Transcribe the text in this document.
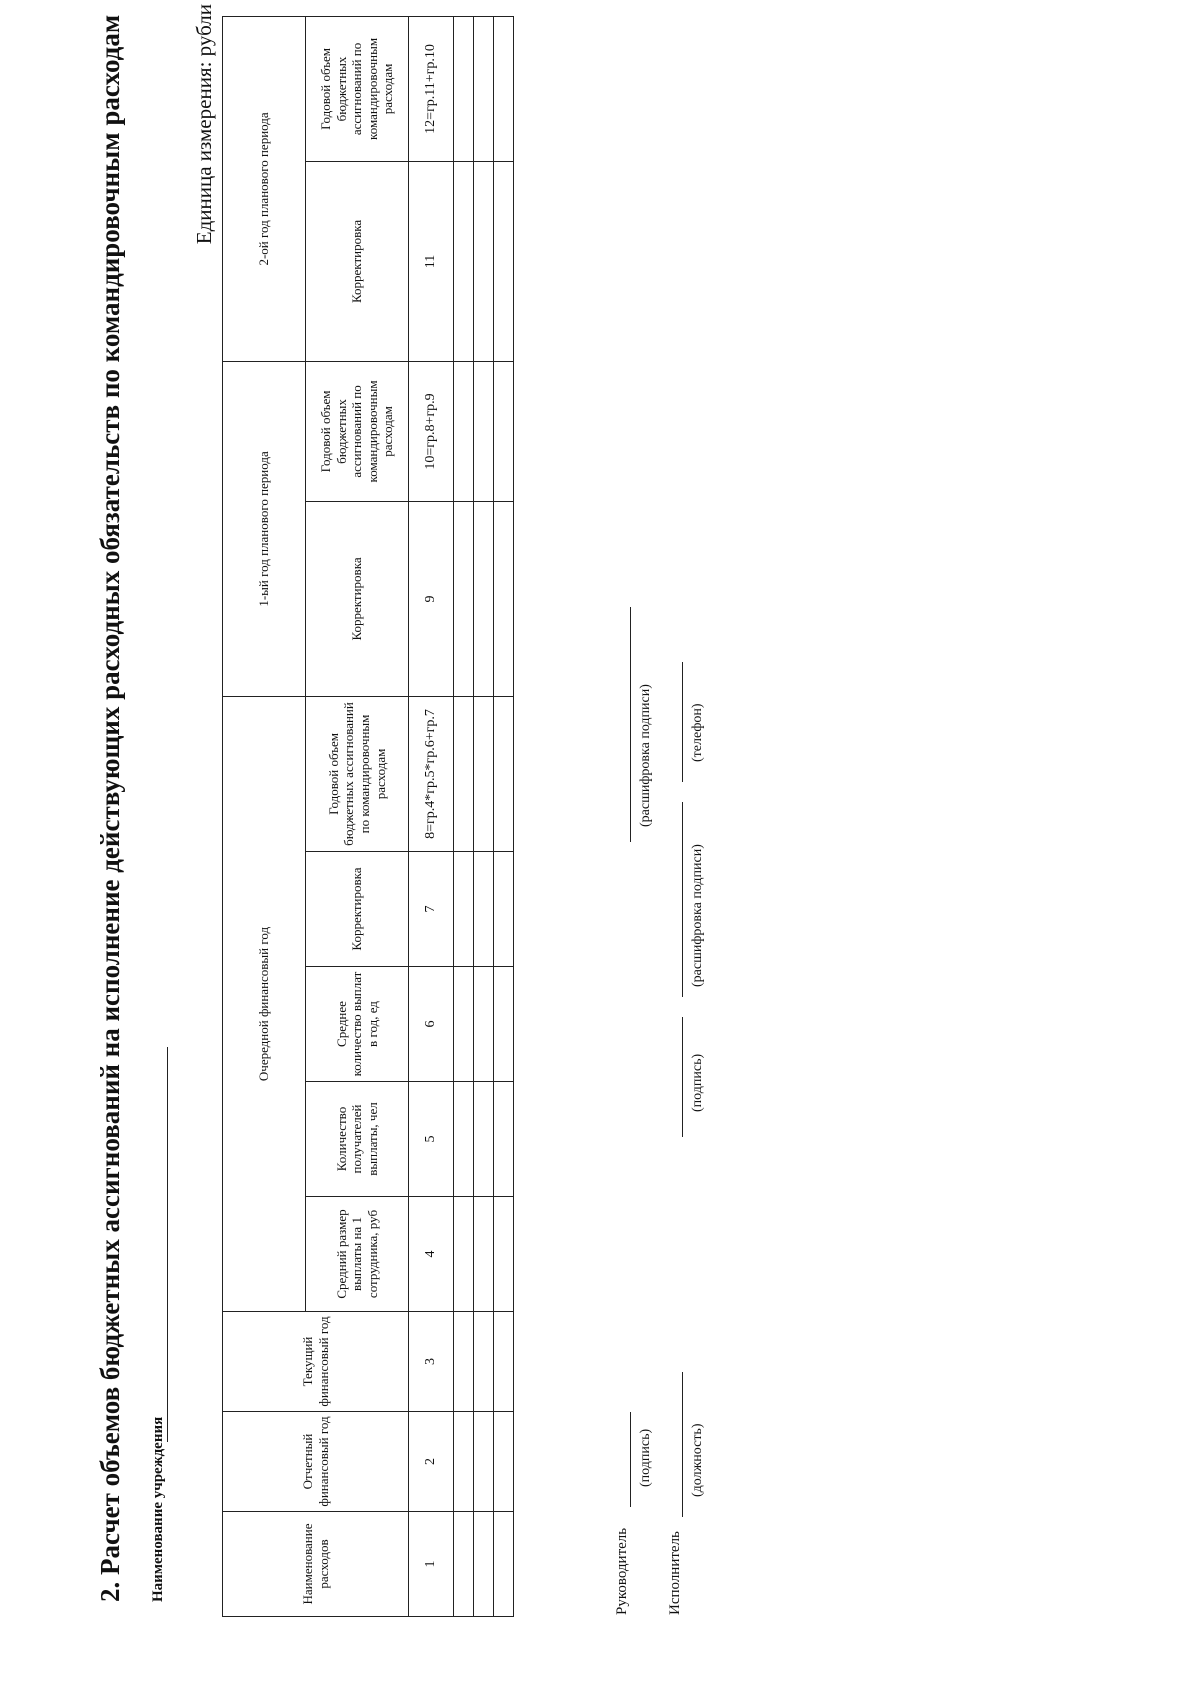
2. Расчет объемов бюджетных ассигнований на исполнение действующих расходных обязательств по командировочным расходам Наименование учреждения
Единица измерения: рубли
Наименование расходов	Отчетный финансовый год	Текущий финансовый год	Очередной финансовый год					1-ый год планового периода		2-ой год планового периода	
			Средний размер выплаты на 1 сотрудника, руб	Количество получателей выплаты, чел	Среднее количество выплат в год, ед	Корректировка	Годовой объем бюджетных ассигнований по командировочным расходам	Корректировка	Годовой объем бюджетных ассигнований по командировочным расходам	Корректировка	Годовой объем бюджетных ассигнований по командировочным расходам
1	2	3	4	5	6	7	8=гр.4*гр.5*гр.6+гр.7	9	10=гр.8+гр.9	11	12=гр.11+гр.10

Руководитель
(подпись)
(расшифровка подписи)
Исполнитель
(должность)
(подпись)
(расшифровка подписи)
(телефон)
